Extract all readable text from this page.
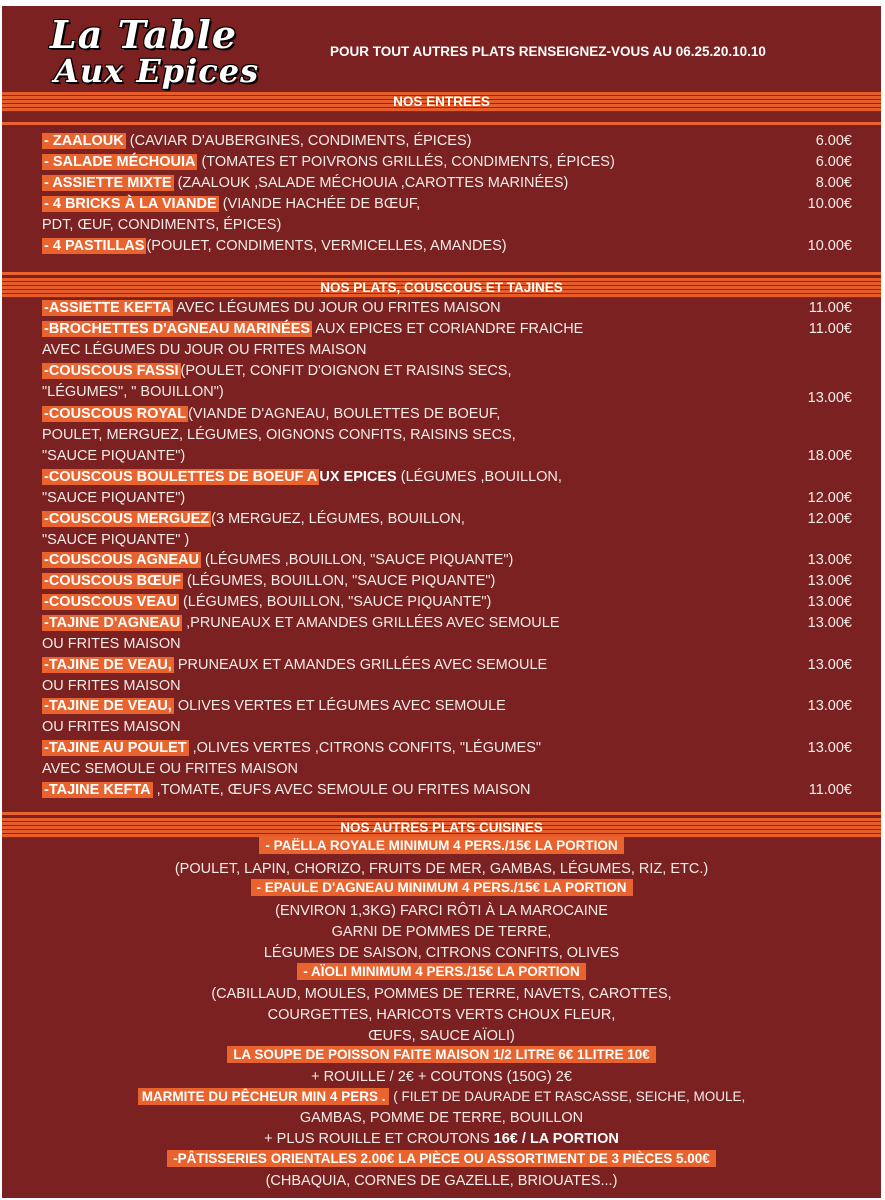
La Table
Aux Epices
POUR TOUT AUTRES PLATS RENSEIGNEZ-VOUS AU 06.25.20.10.10
NOS ENTREES
- ZAALOUK (CAVIAR D'AUBERGINES, CONDIMENTS, ÉPICES)	6.00€
- SALADE MÉCHOUIA (TOMATES ET POIVRONS GRILLÉS, CONDIMENTS, ÉPICES)	6.00€
- ASSIETTE MIXTE (ZAALOUK ,SALADE MÉCHOUIA ,CAROTTES MARINÉES)	8.00€
- 4 BRICKS À LA VIANDE (VIANDE HACHÉE DE BŒUF,	10.00€
PDT, ŒUF, CONDIMENTS, ÉPICES)
- 4 PASTILLAS (POULET, CONDIMENTS, VERMICELLES, AMANDES)	10.00€
NOS PLATS, COUSCOUS ET TAJINES
-ASSIETTE KEFTA AVEC LÉGUMES DU JOUR OU FRITES MAISON	11.00€
-BROCHETTES D'AGNEAU MARINÉES AUX EPICES ET CORIANDRE FRAICHE	11.00€
AVEC LÉGUMES DU JOUR OU FRITES MAISON
-COUSCOUS FASSI (POULET, CONFIT D'OIGNON ET RAISINS SECS,
"LÉGUMES", " BOUILLON")	13.00€
-COUSCOUS ROYAL (VIANDE D'AGNEAU, BOULETTES DE BOEUF,
POULET, MERGUEZ, LÉGUMES, OIGNONS CONFITS, RAISINS SECS,
"SAUCE PIQUANTE")	18.00€
-COUSCOUS BOULETTES DE BOEUF A UX EPICES (LÉGUMES ,BOUILLON,
"SAUCE PIQUANTE")	12.00€
-COUSCOUS MERGUEZ (3 MERGUEZ, LÉGUMES, BOUILLON,	12.00€
"SAUCE PIQUANTE" )
-COUSCOUS AGNEAU (LÉGUMES ,BOUILLON, "SAUCE PIQUANTE")	13.00€
-COUSCOUS BŒUF (LÉGUMES, BOUILLON, "SAUCE PIQUANTE")	13.00€
-COUSCOUS VEAU (LÉGUMES, BOUILLON, "SAUCE PIQUANTE")	13.00€
-TAJINE D'AGNEAU ,PRUNEAUX ET AMANDES GRILLÉES AVEC SEMOULE	13.00€
OU FRITES MAISON
-TAJINE DE VEAU, PRUNEAUX ET AMANDES GRILLÉES AVEC SEMOULE	13.00€
OU FRITES MAISON
-TAJINE DE VEAU, OLIVES VERTES ET LÉGUMES AVEC SEMOULE	13.00€
OU FRITES MAISON
-TAJINE AU POULET ,OLIVES VERTES ,CITRONS CONFITS, "LÉGUMES"	13.00€
AVEC SEMOULE OU FRITES MAISON
-TAJINE KEFTA ,TOMATE, ŒUFS AVEC SEMOULE OU FRITES MAISON	11.00€
NOS AUTRES PLATS CUISINES
- PAËLLA ROYALE MINIMUM 4 PERS./15€ LA PORTION
(POULET, LAPIN, CHORIZO, FRUITS DE MER, GAMBAS, LÉGUMES, RIZ, ETC.)
- EPAULE D'AGNEAU MINIMUM 4 PERS./15€ LA PORTION
(ENVIRON 1,3KG) FARCI RÔTI À LA MAROCAINE
GARNI DE POMMES DE TERRE,
LÉGUMES DE SAISON, CITRONS CONFITS, OLIVES
- AÏOLI MINIMUM 4 PERS./15€ LA PORTION
(CABILLAUD, MOULES, POMMES DE TERRE, NAVETS, CAROTTES,
COURGETTES, HARICOTS VERTS CHOUX FLEUR,
ŒUFS, SAUCE AÏOLI)
LA SOUPE DE POISSON FAITE MAISON 1/2 LITRE 6€ 1LITRE 10€
+ ROUILLE / 2€ + COUTONS (150G) 2€
MARMITE DU PÊCHEUR MIN 4 PERS . ( FILET DE DAURADE ET RASCASSE, SEICHE, MOULE,
GAMBAS, POMME DE TERRE, BOUILLON
+ PLUS ROUILLE ET CROUTONS 16€ / LA PORTION
-PÂTISSERIES ORIENTALES 2.00€ LA PIÈCE OU ASSORTIMENT DE 3 PIÈCES 5.00€
(CHBAQUIA, CORNES DE GAZELLE, BRIOUATES...)
